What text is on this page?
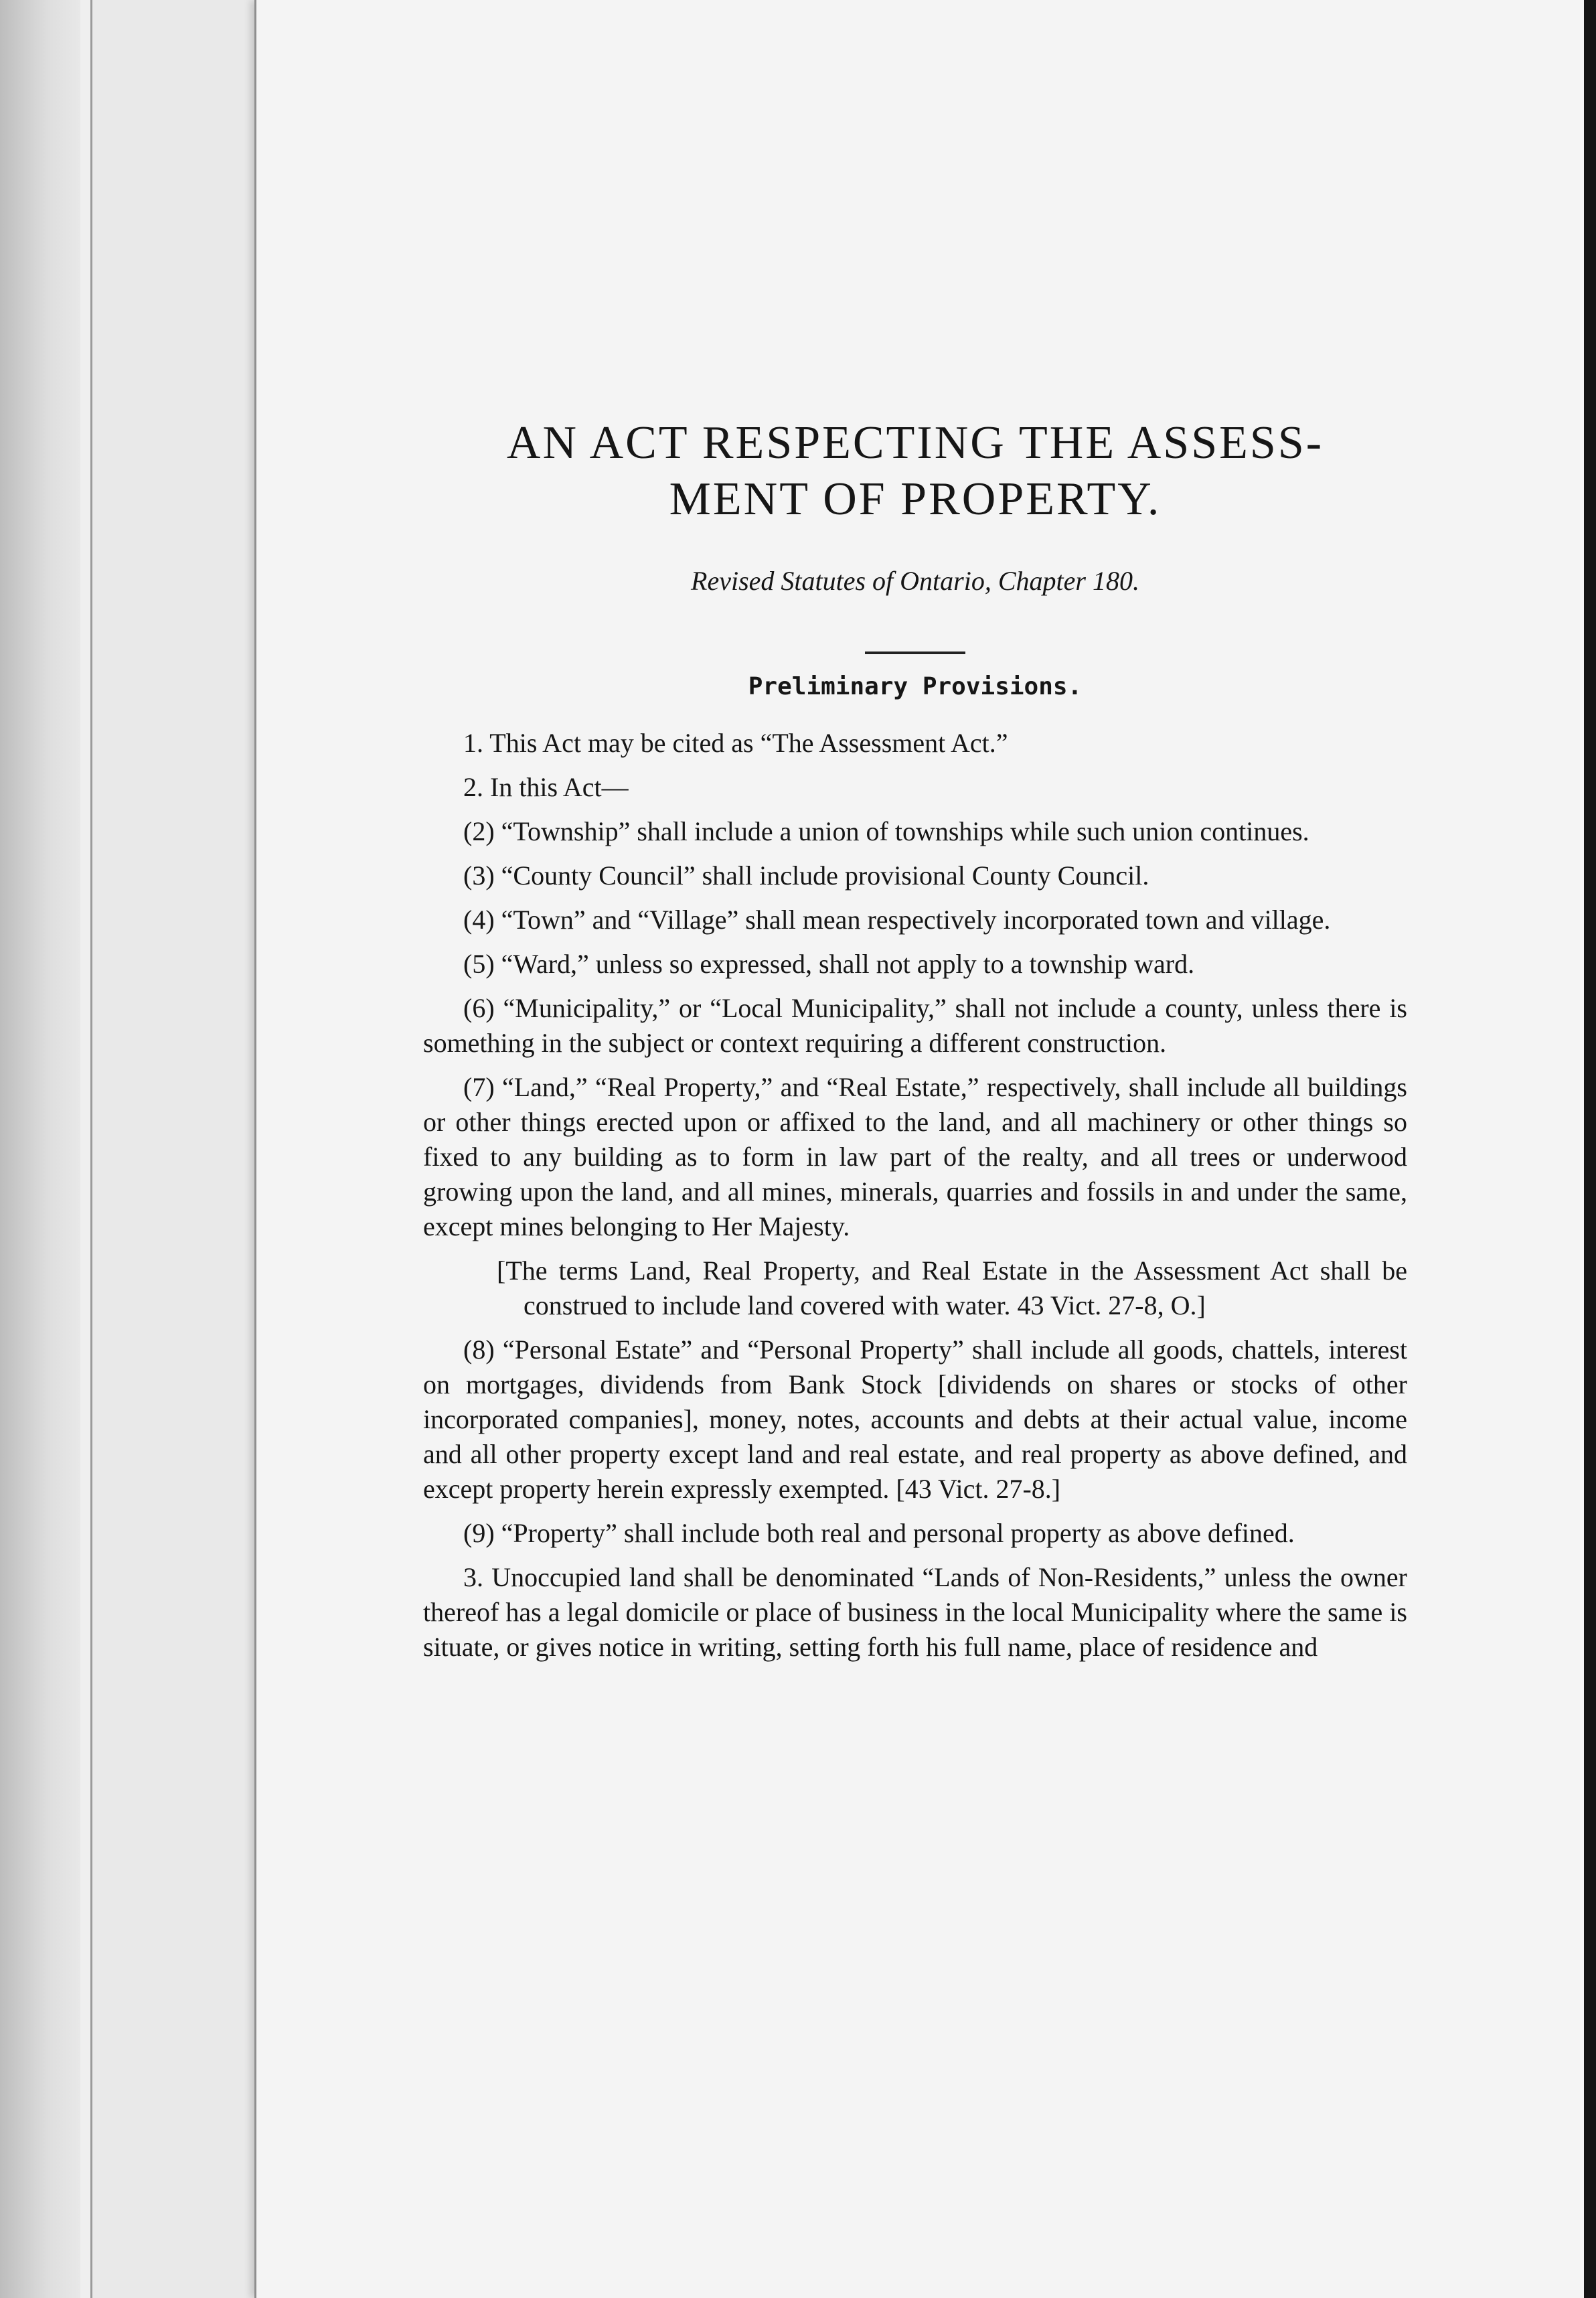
AN ACT RESPECTING THE ASSESS-
MENT OF PROPERTY.

Revised Statutes of Ontario, Chapter 180.

Preliminary Provisions.

1. This Act may be cited as “The Assessment Act.”

2. In this Act—

(2) “Township” shall include a union of townships while such union continues.

(3) “County Council” shall include provisional County Council.

(4) “Town” and “Village” shall mean respectively incorporated town and village.

(5) “Ward,” unless so expressed, shall not apply to a township ward.

(6) “Municipality,” or “Local Municipality,” shall not include a county, unless there is something in the subject or context requiring a different construction.

(7) “Land,” “Real Property,” and “Real Estate,” respectively, shall include all buildings or other things erected upon or affixed to the land, and all machinery or other things so fixed to any building as to form in law part of the realty, and all trees or underwood growing upon the land, and all mines, minerals, quarries and fossils in and under the same, except mines belonging to Her Majesty.

[The terms Land, Real Property, and Real Estate in the Assessment Act shall be construed to include land covered with water. 43 Vict. 27-8, O.]

(8) “Personal Estate” and “Personal Property” shall include all goods, chattels, interest on mortgages, dividends from Bank Stock [dividends on shares or stocks of other incorporated companies], money, notes, accounts and debts at their actual value, income and all other property except land and real estate, and real property as above defined, and except property herein expressly exempted. [43 Vict. 27-8.]

(9) “Property” shall include both real and personal property as above defined.

3. Unoccupied land shall be denominated “Lands of Non-Residents,” unless the owner thereof has a legal domicile or place of business in the local Municipality where the same is situate, or gives notice in writing, setting forth his full name, place of residence and
